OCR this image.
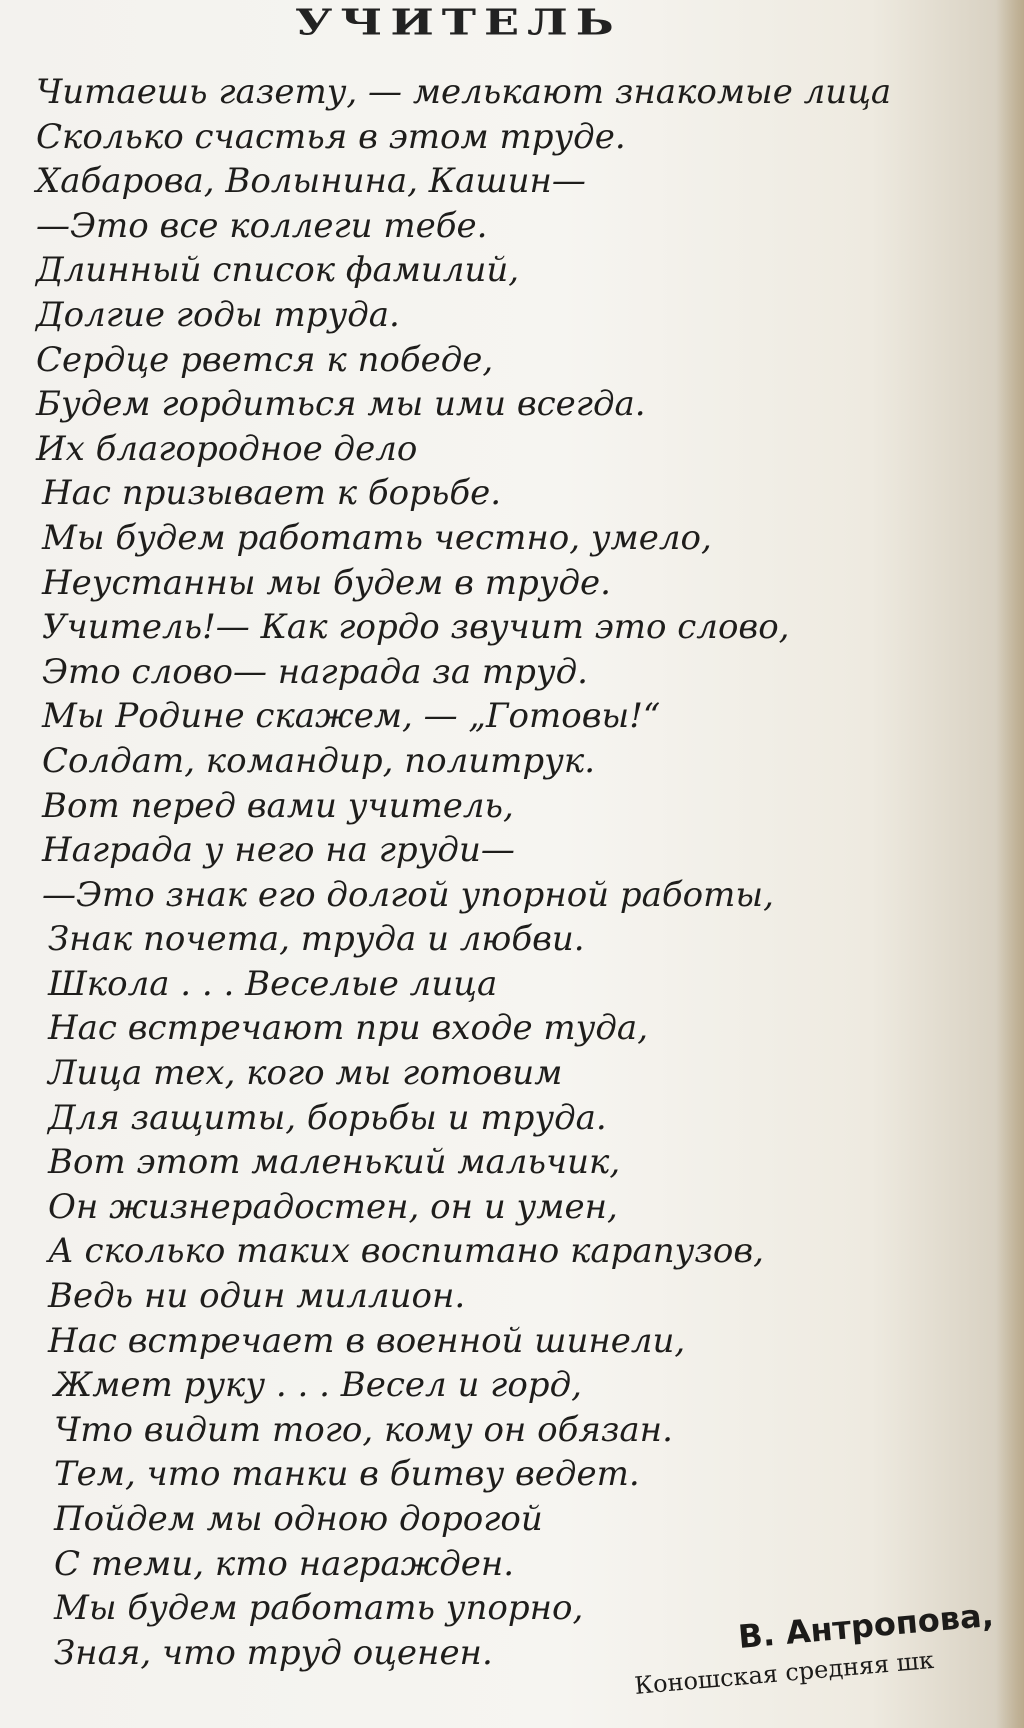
УЧИТЕЛЬ
Читаешь газету, — мелькают знакомые лица
Сколько счастья в этом труде.
Хабарова, Волынина, Кашин—
—Это все коллеги тебе.
Длинный список фамилий,
Долгие годы труда.
Сердце рвется к победе,
Будем гордиться мы ими всегда.
Их благородное дело
Нас призывает к борьбе.
Мы будем работать честно, умело,
Неустанны мы будем в труде.
Учитель!— Как гордо звучит это слово,
Это слово— награда за труд.
Мы Родине скажем, — „Готовы!“
Солдат, командир, политрук.
Вот перед вами учитель,
Награда у него на груди—
—Это знак его долгой упорной работы,
Знак почета, труда и любви.
Школа . . . Веселые лица
Нас встречают при входе туда,
Лица тех, кого мы готовим
Для защиты, борьбы и труда.
Вот этот маленький мальчик,
Он жизнерадостен, он и умен,
А сколько таких воспитано карапузов,
Ведь ни один миллион.
Нас встречает в военной шинели,
Жмет руку . . . Весел и горд,
Что видит того, кому он обязан.
Тем, что танки в битву ведет.
Пойдем мы одною дорогой
С теми, кто награжден.
Мы будем работать упорно,
Зная, что труд оценен.	В. Антропова,

Коношская средняя шк
